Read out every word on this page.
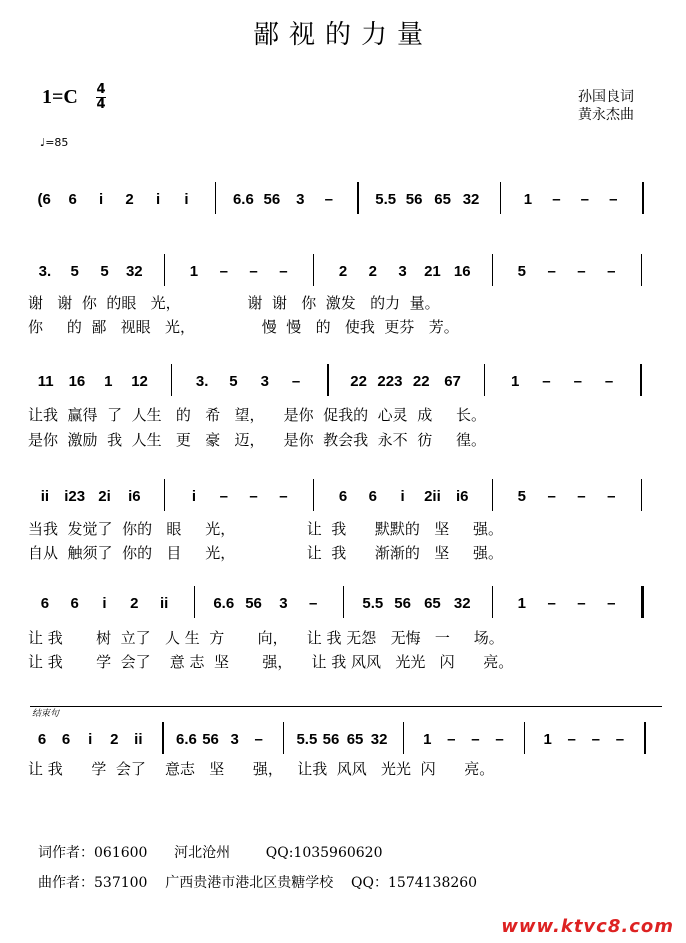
鄙视的力量
1=C 4
4
♩=85
孙国良词
黄永杰曲
(6	6	i	2	i	i	6.6 56	3	–	5.5 56 65 32	1	–	–	–
3.	5	5	32	1	–	–	–	2	2	3	21 16	5	–	–	–
11	16	1	12	3.	5	3	–	22 223 22 67	1	–	–	–
ii	i23 2i	i6	i	–	–	–	6	6	i	2ii	i6	5	–	–	–
6	6	i	2	ii	6.6 56	3	–	5.5 56 65 32	1	–	–	–
结束句
6	6	i	2	ii	6.6 56 3	–	5.5 56 65 32	1	–	–	–	1	–	–	–
谢   谢  你  的眼   光，              谢  谢   你  激发   的力  量。
你     的  鄙   视眼   光，              慢  慢   的   使我  更芬   芳。
让我  赢得  了  人生   的   希   望，    是你  促我的  心灵  成     长。
是你  激励  我  人生   更   豪   迈，    是你  教会我  永不  彷     徨。
当我  发觉了  你的   眼     光，               让  我      默默的   坚     强。
自从  触须了  你的   目     光，               让  我      渐渐的   坚     强。
让 我       树  立了   人 生  方       向，    让 我 无怨   无悔   一     场。
让 我       学  会了    意 志  坚       强，    让 我 风风   光光   闪      亮。
让 我      学  会了    意志   坚      强，   让我  风风   光光  闪      亮。
词作者：061600      河北沧州        QQ:1035960620
曲作者：537100    广西贵港市港北区贵糖学校    QQ：1574138260
www.ktvc8.com
